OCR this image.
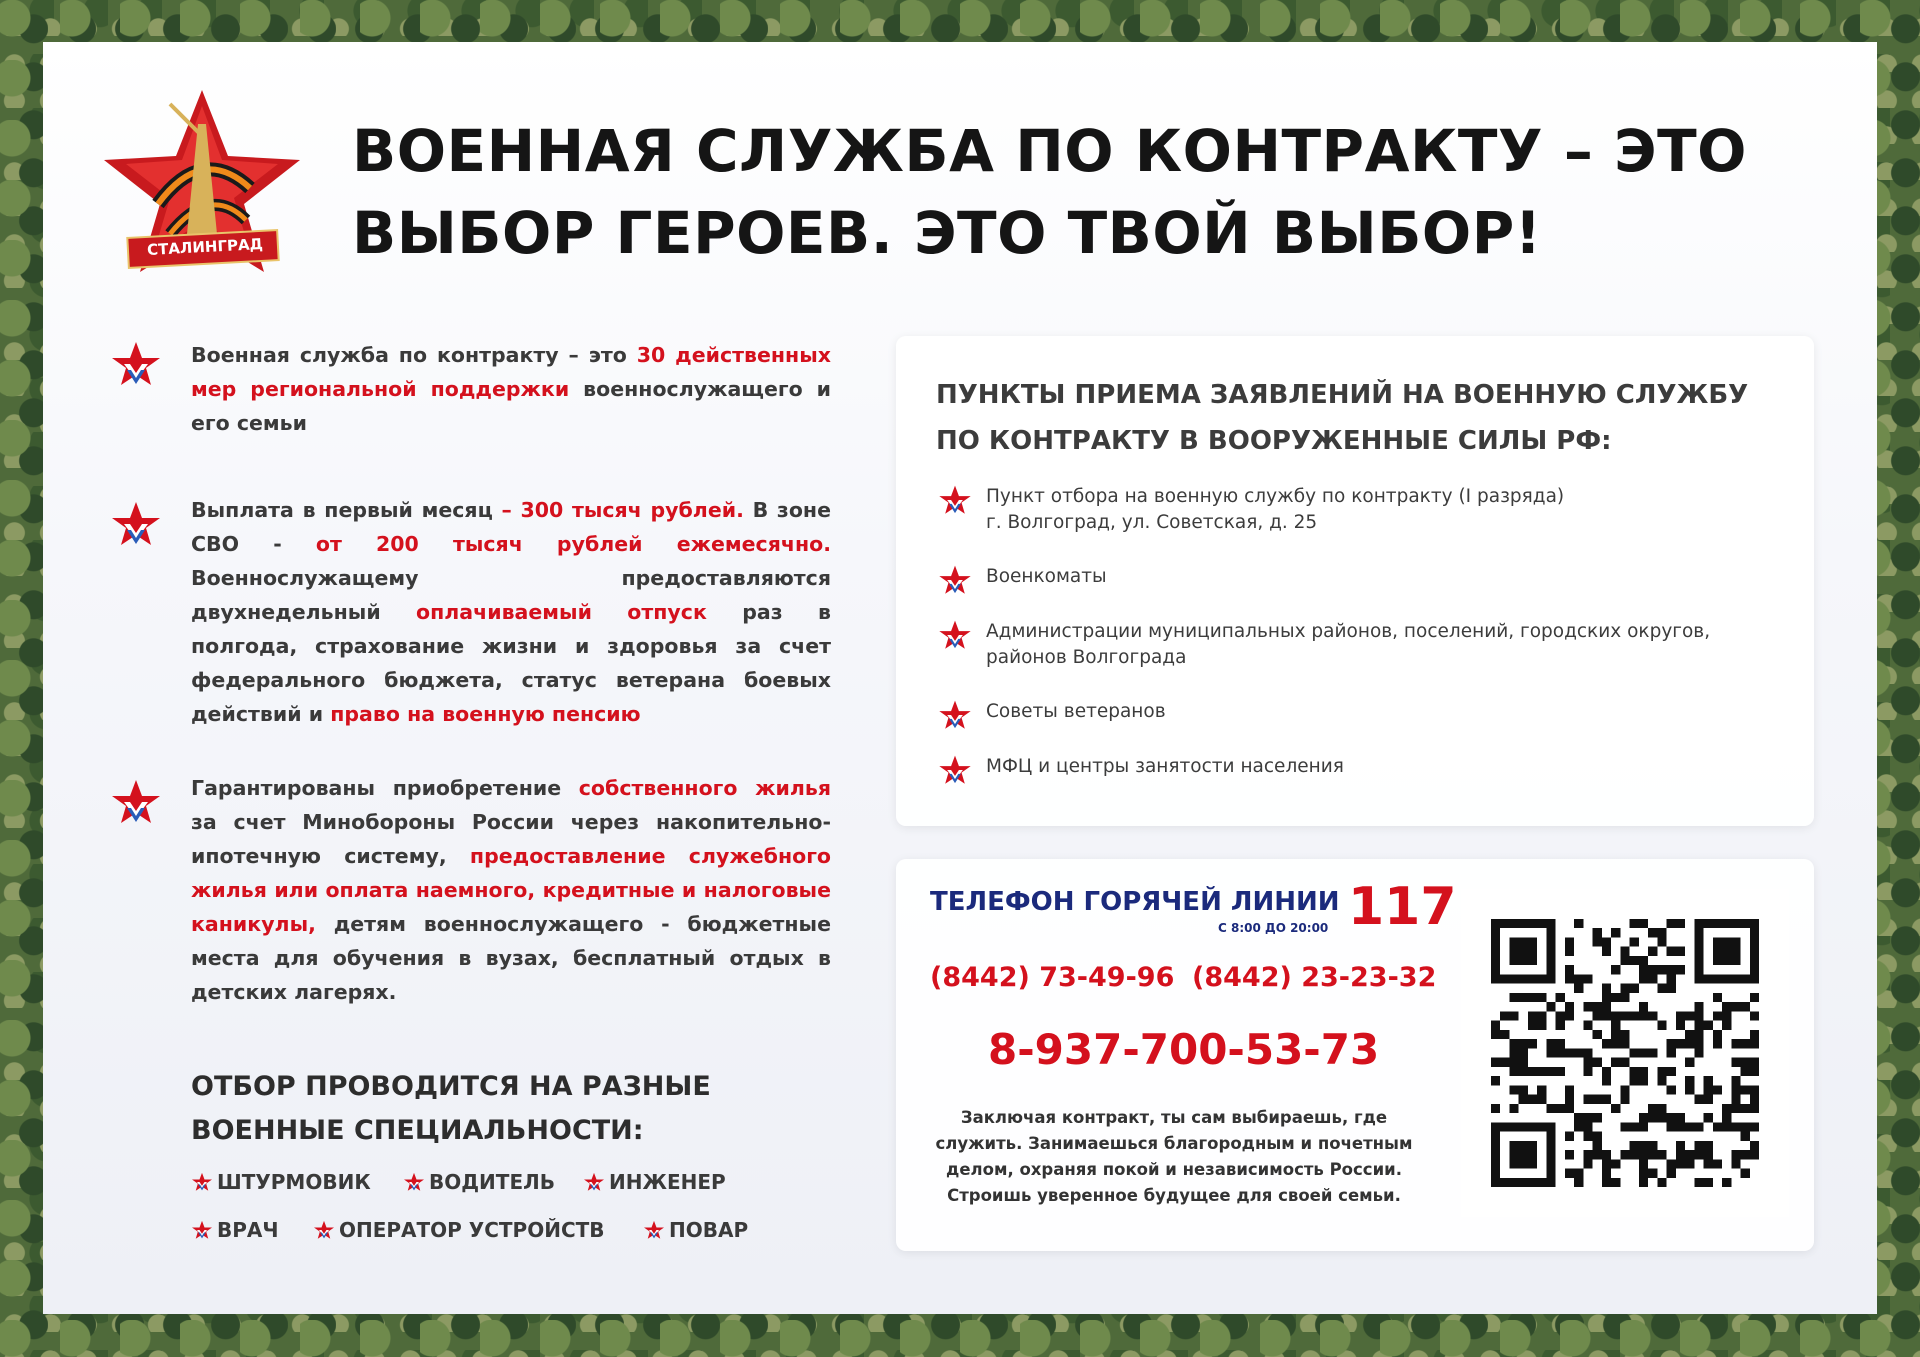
СТАЛИНГРАД
ВОЕННАЯ СЛУЖБА ПО КОНТРАКТУ – ЭТО
ВЫБОР ГЕРОЕВ. ЭТО ТВОЙ ВЫБОР!
Военная служба по контракту – это 30 действенных мер региональной поддержки военнослужащего и его семьи
Выплата в первый месяц – 300 тысяч рублей. В зоне СВО - от 200 тысяч рублей ежемесячно. Военнослужащему предоставляются двухнедельный оплачиваемый отпуск раз в полгода, страхование жизни и здоровья за счет федерального бюджета, статус ветерана боевых действий и право на военную пенсию
Гарантированы приобретение собственного жилья за счет Минобороны России через накопительно-ипотечную систему, предоставление служебного жилья или оплата наемного, кредитные и налоговые каникулы, детям военнослужащего - бюджетные места для обучения в вузах, бесплатный отдых в детских лагерях.
ОТБОР ПРОВОДИТСЯ НА РАЗНЫЕ ВОЕННЫЕ СПЕЦИАЛЬНОСТИ:
ШТУРМОВИК	ВОДИТЕЛЬ	ИНЖЕНЕР
ВРАЧ	ОПЕРАТОР УСТРОЙСТВ	ПОВАР
ПУНКТЫ ПРИЕМА ЗАЯВЛЕНИЙ НА ВОЕННУЮ СЛУЖБУ ПО КОНТРАКТУ В ВООРУЖЕННЫЕ СИЛЫ РФ:
Пункт отбора на военную службу по контракту (I разряда)
г. Волгоград, ул. Советская, д. 25
Военкоматы
Администрации муниципальных районов, поселений, городских округов, районов Волгограда
Советы ветеранов
МФЦ и центры занятости населения
ТЕЛЕФОН ГОРЯЧЕЙ ЛИНИИ
С 8:00 ДО 20:00 117
(8442) 73-49-96 (8442) 23-23-32
8-937-700-53-73
Заключая контракт, ты сам выбираешь, где служить. Занимаешься благородным и почетным делом, охраняя покой и независимость России. Строишь уверенное будущее для своей семьи.
